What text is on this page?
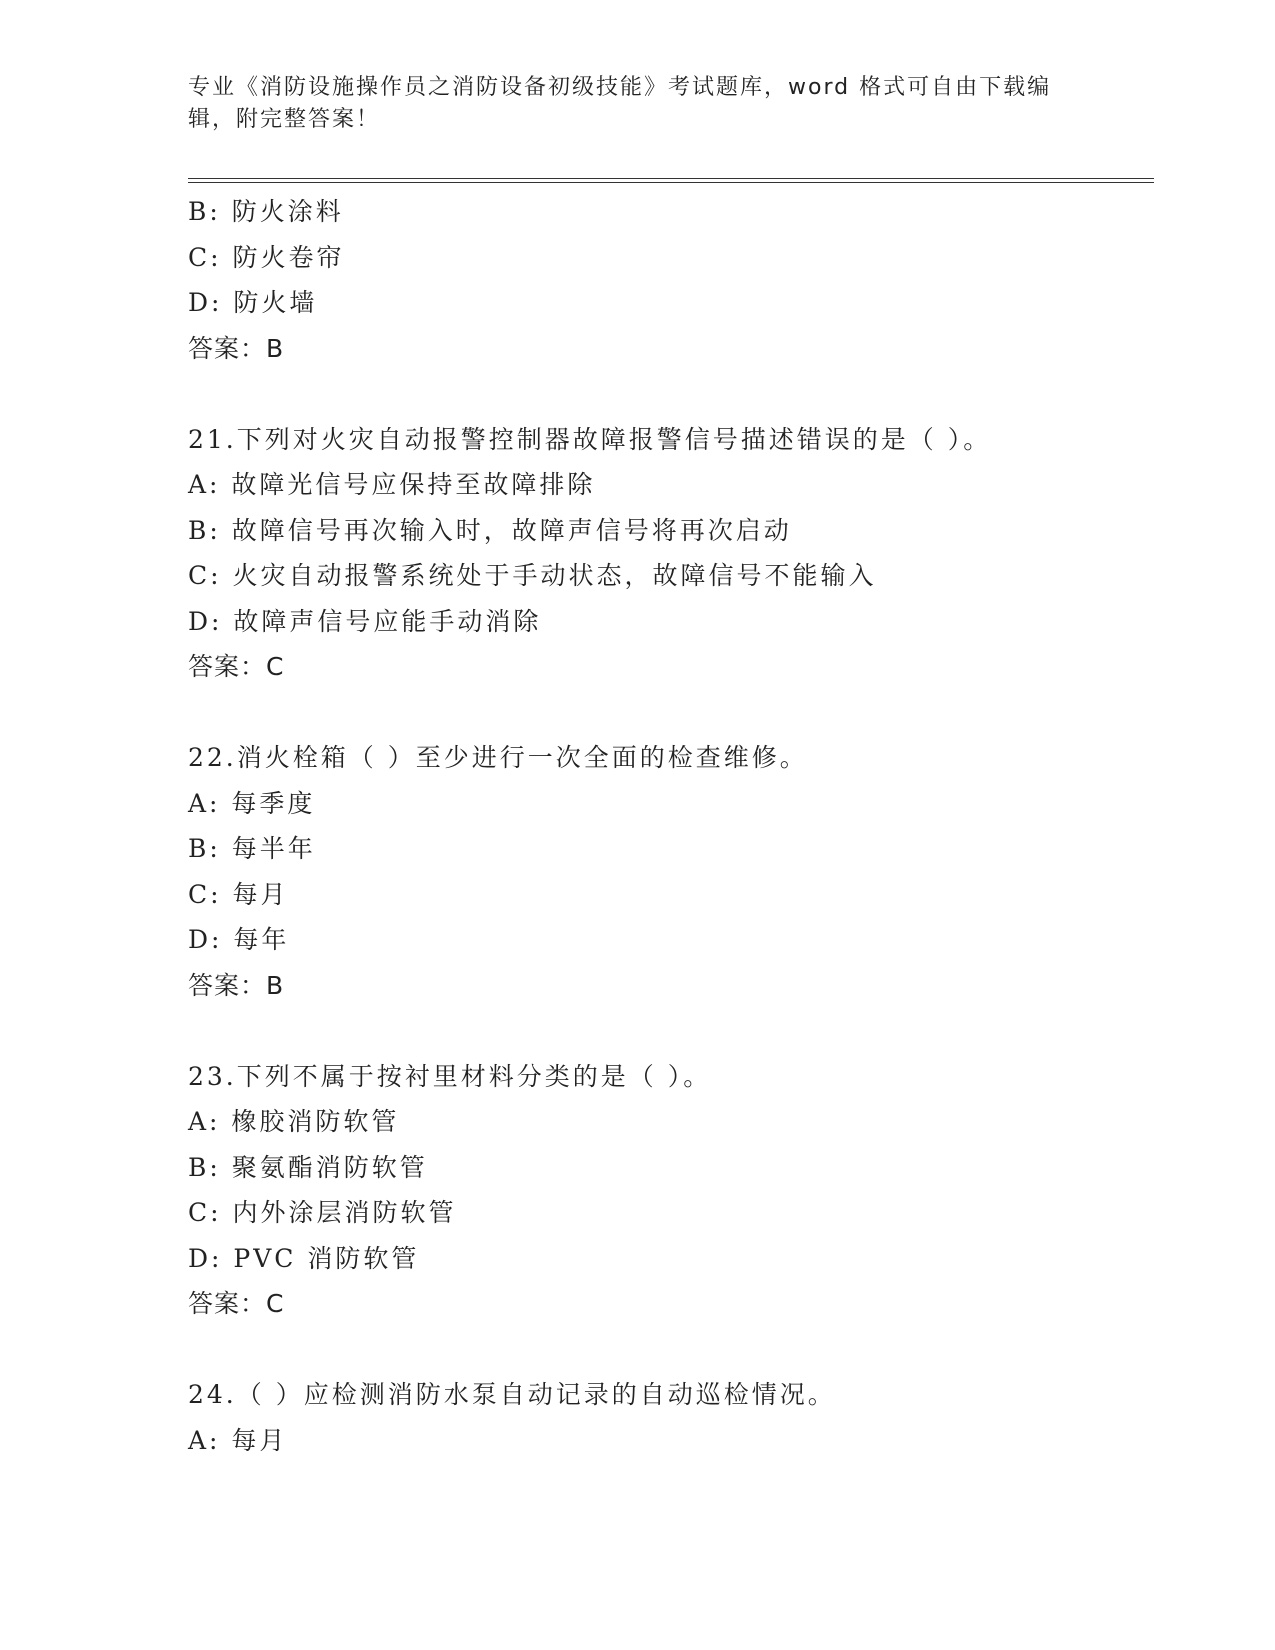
专业《消防设施操作员之消防设备初级技能》考试题库，word 格式可自由下载编辑，附完整答案！
B: 防火涂料
C: 防火卷帘
D: 防火墙
答案：B
21.下列对火灾自动报警控制器故障报警信号描述错误的是（ ）。
A: 故障光信号应保持至故障排除
B: 故障信号再次输入时，故障声信号将再次启动
C: 火灾自动报警系统处于手动状态，故障信号不能输入
D: 故障声信号应能手动消除
答案：C
22.消火栓箱（ ）至少进行一次全面的检查维修。
A: 每季度
B: 每半年
C: 每月
D: 每年
答案：B
23.下列不属于按衬里材料分类的是（ ）。
A: 橡胶消防软管
B: 聚氨酯消防软管
C: 内外涂层消防软管
D: PVC 消防软管
答案：C
24.（ ）应检测消防水泵自动记录的自动巡检情况。
A: 每月
